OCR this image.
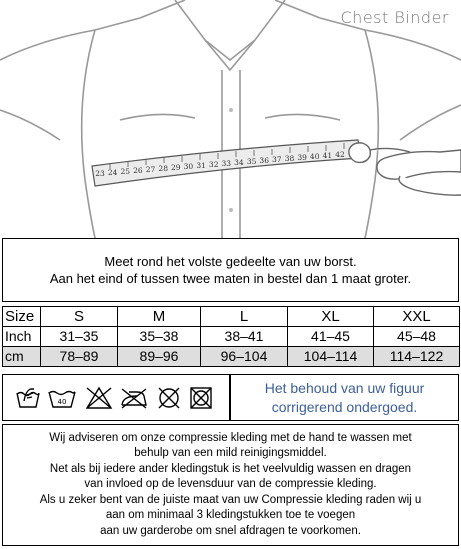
23 24 25 26 27 28 29 30 31 32 33 34 35 36 37 38 39 40 41 42
Chest Binder
Meet rond het volste gedeelte van uw borst.
Aan het eind of tussen twee maten in bestel dan 1 maat groter.
Size	S	M	L	XL	XXL
Inch	31–35	35–38	38–41	41–45	45–48
cm	78–89	89–96	96–104	104–114	114–122
40
Het behoud van uw figuur
corrigerend ondergoed.
Wij adviseren om onze compressie kleding met de hand te wassen met
behulp van een mild reinigingsmiddel.
Net als bij iedere ander kledingstuk is het veelvuldig wassen en dragen
van invloed op de levensduur van de compressie kleding.
Als u zeker bent van de juiste maat van uw Compressie kleding raden wij u
aan om minimaal 3 kledingstukken toe te voegen
aan uw garderobe om snel afdragen te voorkomen.
